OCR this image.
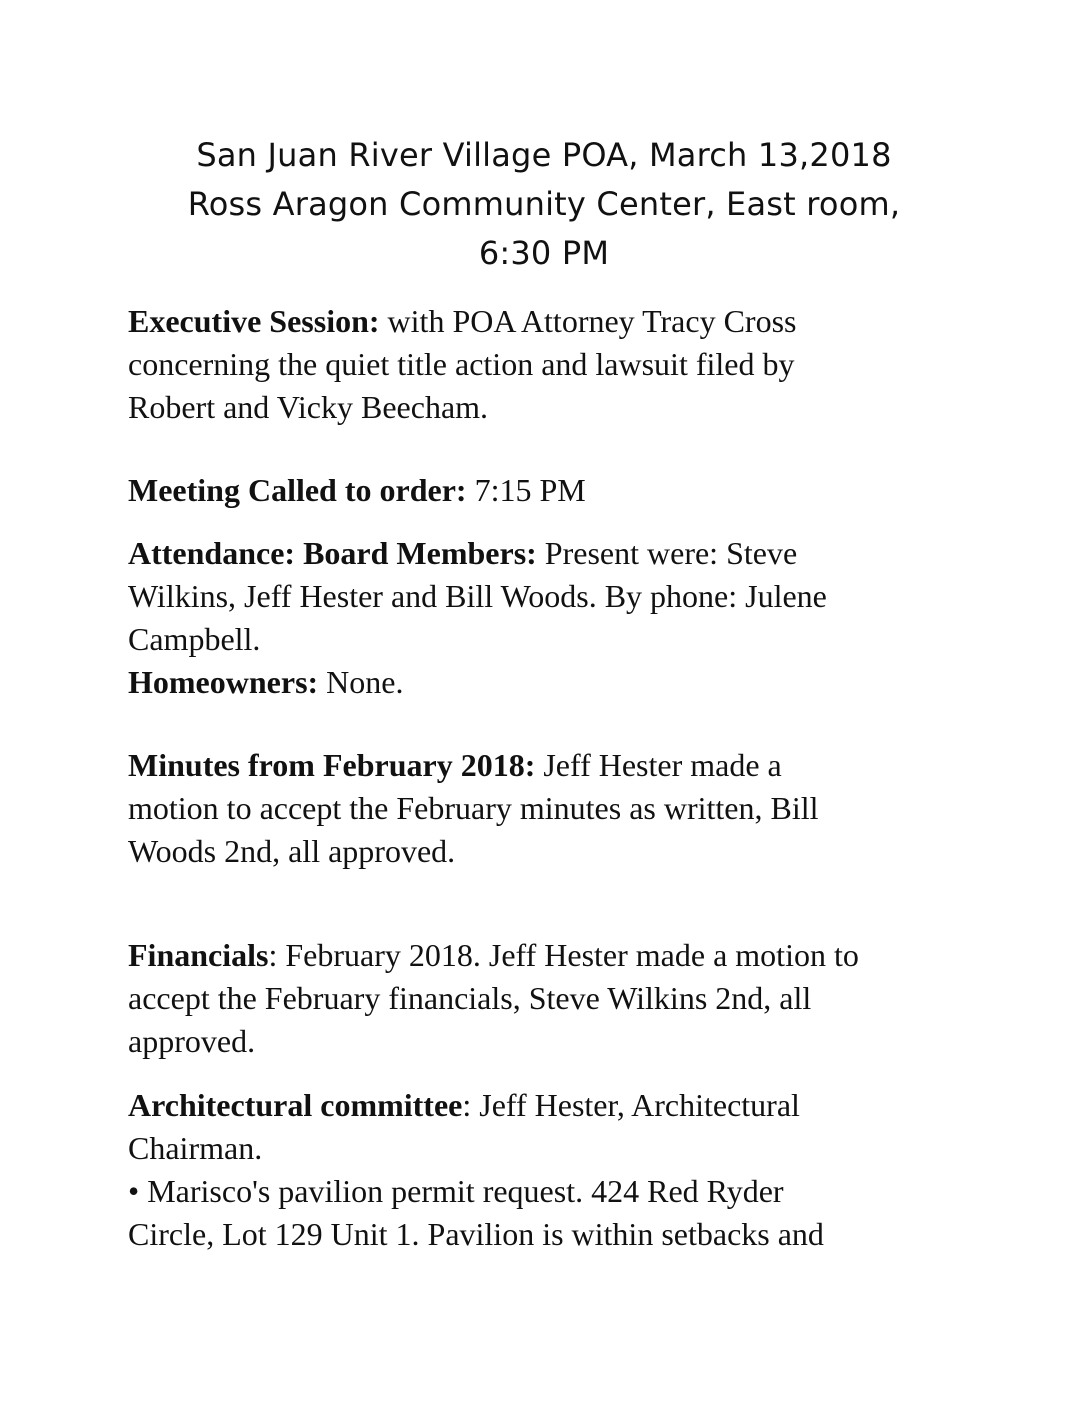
San Juan River Village POA, March 13,2018
Ross Aragon Community Center, East room,
6:30 PM
Executive Session: with POA Attorney Tracy Cross
concerning the quiet title action and lawsuit filed by
Robert and Vicky Beecham.
Meeting Called to order: 7:15 PM
Attendance: Board Members: Present were: Steve
Wilkins, Jeff Hester and Bill Woods. By phone: Julene
Campbell.
Homeowners: None.
Minutes from February 2018: Jeff Hester made a
motion to accept the February minutes as written, Bill
Woods 2nd, all approved.
Financials: February 2018. Jeff Hester made a motion to
accept the February financials, Steve Wilkins 2nd, all
approved.
Architectural committee: Jeff Hester, Architectural
Chairman.
• Marisco's pavilion permit request. 424 Red Ryder
Circle, Lot 129 Unit 1. Pavilion is within setbacks and
